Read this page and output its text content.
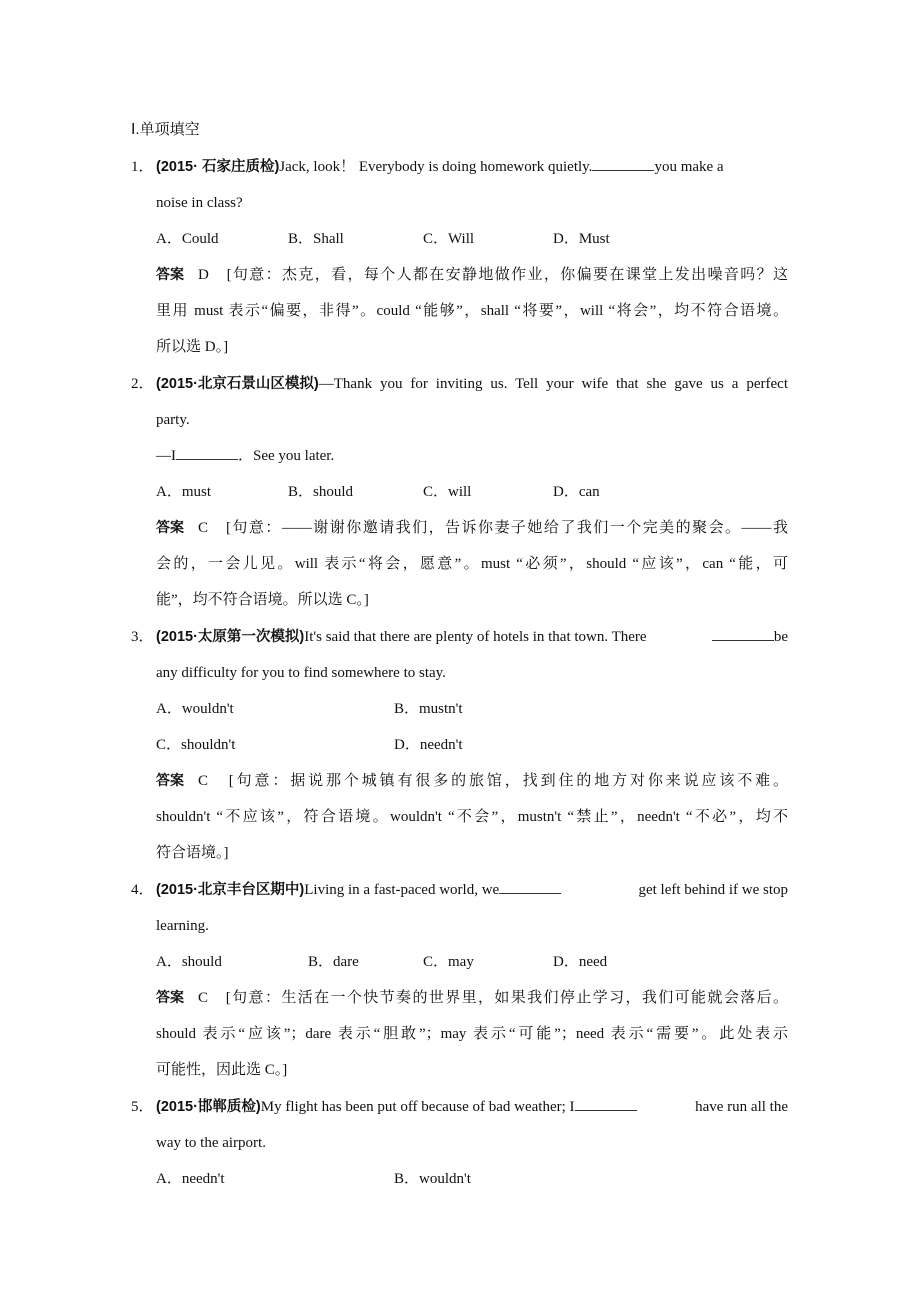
Ⅰ.单项填空
1． (2015· 石家庄质检)Jack, look！ Everybody is doing homework quietly.	you make a
noise in class?
A．Could	B．Shall	C．Will	D．Must
答案 D　[句意：杰克，看，每个人都在安静地做作业，你偏要在课堂上发出噪音吗？这
里用 must 表示“偏要，非得”。could “能够”，shall “将要”，will “将会”，均不符合语境。
所以选 D。]
2． (2015·北京石景山区模拟) —Thank you for inviting us. Tell your wife that she gave us a perfect
party.
—I	．See you later.
A．must	B．should	C．will	D．can
答案 C　[句意：——谢谢你邀请我们，告诉你妻子她给了我们一个完美的聚会。——我
会的，一会儿见。will 表示“将会，愿意”。must “必须”，should “应该”，can “能，可
能”，均不符合语境。所以选 C。]
3． (2015·太原第一次模拟)It's said that there are plenty of hotels in that town. There	be
any difficulty for you to find somewhere to stay.
A．wouldn't	B．mustn't
C．shouldn't	D．needn't
答案 C　[句意：据说那个城镇有很多的旅馆，找到住的地方对你来说应该不难。
shouldn't “不应该”，符合语境。wouldn't “不会”，mustn't “禁止”，needn't “不必”，均不
符合语境。]
4． (2015·北京丰台区期中)Living in a fast-paced world, we	get left behind if we stop
learning.
A．should	B．dare	C．may	D．need
答案 C　[句意：生活在一个快节奏的世界里，如果我们停止学习，我们可能就会落后。
should 表示“应该”；dare 表示“胆敢”；may 表示“可能”；need 表示“需要”。此处表示
可能性，因此选 C。]
5． (2015·邯郸质检)My flight has been put off because of bad weather; I	have run all the
way to the airport.
A．needn't	B．wouldn't
